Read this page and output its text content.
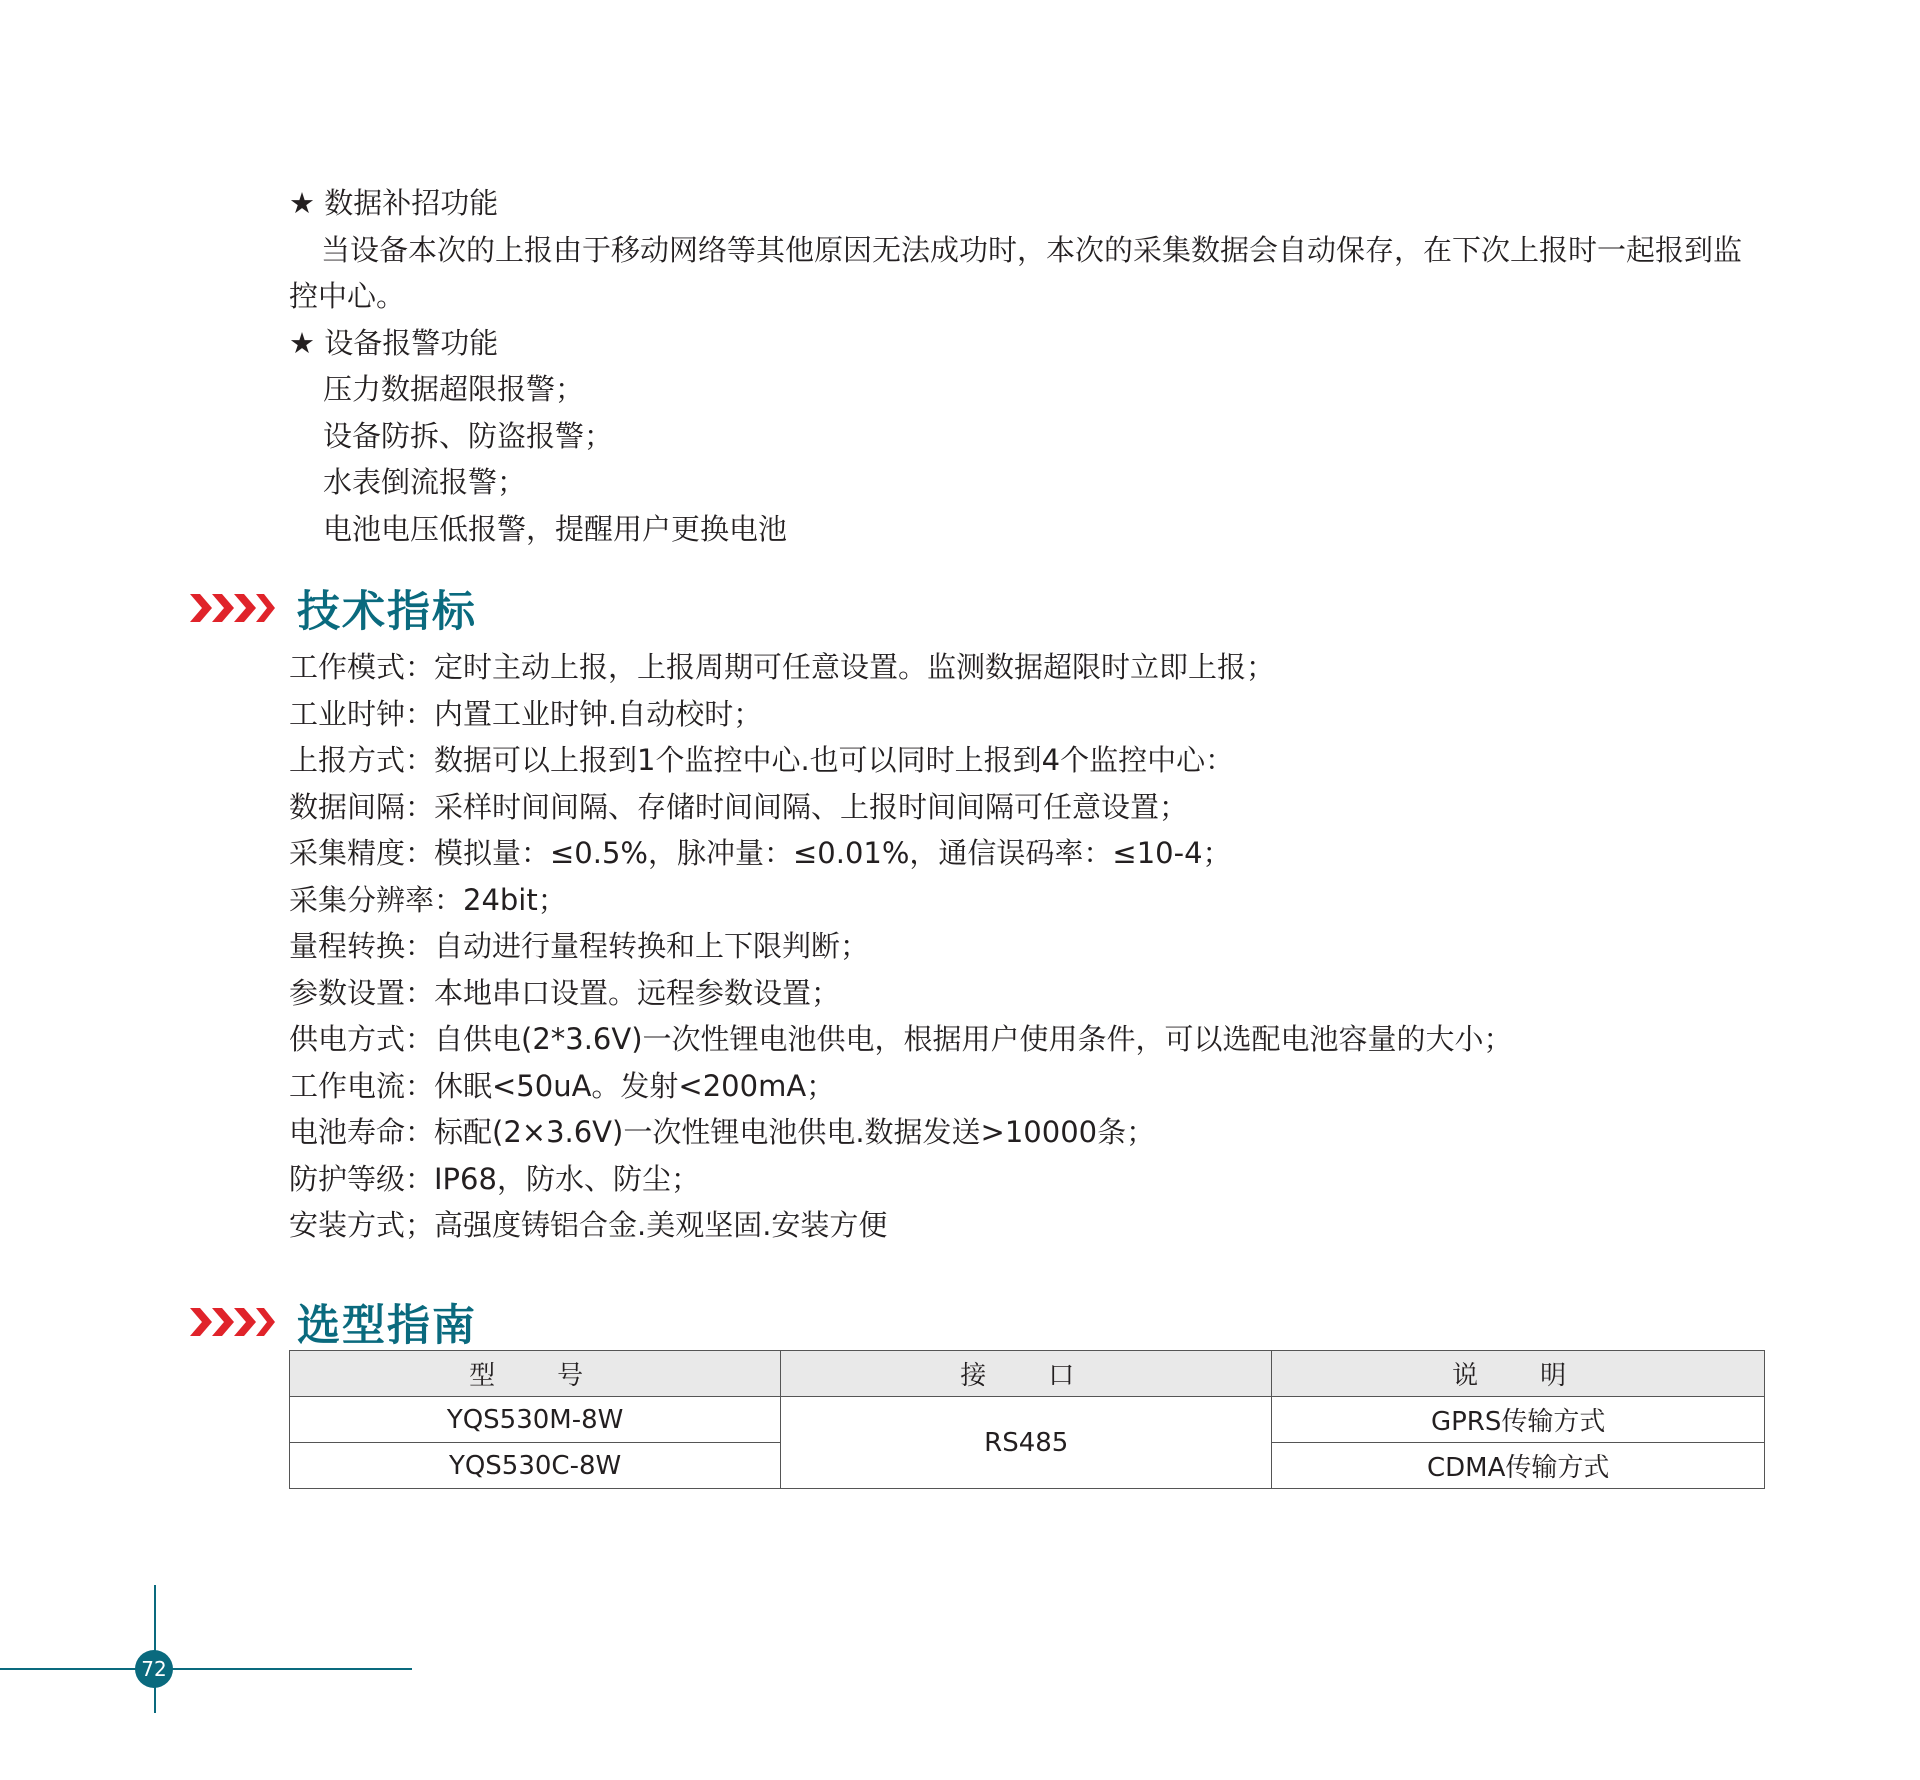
★ 数据补招功能
当设备本次的上报由于移动网络等其他原因无法成功时，本次的采集数据会自动保存，在下次上报时一起报到监
控中心。
★ 设备报警功能
压力数据超限报警；
设备防拆、防盗报警；
水表倒流报警；
电池电压低报警，提醒用户更换电池
技术指标
工作模式：定时主动上报，上报周期可任意设置。监测数据超限时立即上报；
工业时钟：内置工业时钟.自动校时；
上报方式：数据可以上报到1个监控中心.也可以同时上报到4个监控中心：
数据间隔：采样时间间隔、存储时间间隔、上报时间间隔可任意设置；
采集精度：模拟量：≤0.5%，脉冲量：≤0.01%，通信误码率：≤10-4；
采集分辨率：24bit；
量程转换：自动进行量程转换和上下限判断；
参数设置：本地串口设置。远程参数设置；
供电方式：自供电(2*3.6V)一次性锂电池供电，根据用户使用条件，可以选配电池容量的大小；
工作电流：休眠<50uA。发射<200mA；
电池寿命：标配(2×3.6V)一次性锂电池供电.数据发送>10000条；
防护等级：IP68，防水、防尘；
安装方式；高强度铸铝合金.美观坚固.安装方便
选型指南
型　号	接　口	说　明
YQS530M-8W	RS485	GPRS传输方式
YQS530C-8W		CDMA传输方式
72
